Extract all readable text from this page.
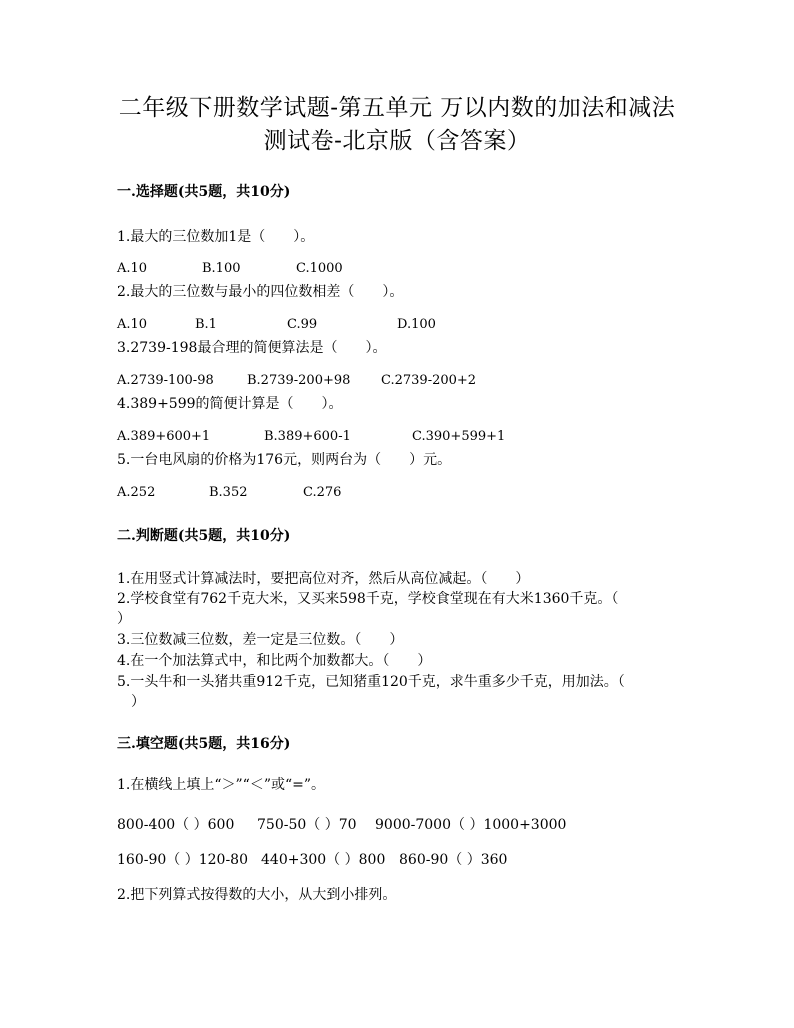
二年级下册数学试题-第五单元 万以内数的加法和减法
测试卷-北京版（含答案）
一.选择题(共5题，共10分)
1.最大的三位数加1是（　　）。
A.10	B.100	C.1000
2.最大的三位数与最小的四位数相差（　　）。
A.10	B.1	C.99	D.100
3.2739-198最合理的简便算法是（　　）。
A.2739-100-98	B.2739-200+98 C.2739-200+2
4.389+599的简便计算是（　　）。
A.389+600+1	B.389+600-1	C.390+599+1
5.一台电风扇的价格为176元，则两台为（　　）元。
A.252	B.352	C.276
二.判断题(共5题，共10分)
1.在用竖式计算减法时，要把高位对齐，然后从高位减起。（　　）
2.学校食堂有762千克大米，又买来598千克，学校食堂现在有大米1360千克。（
）
3.三位数减三位数，差一定是三位数。（　　）
4.在一个加法算式中，和比两个加数都大。（　　）
5.一头牛和一头猪共重912千克，已知猪重120千克，求牛重多少千克，用加法。（
　）
三.填空题(共5题，共16分)
1.在横线上填上“＞”“＜”或“=”。
800-400（ ）600 750-50（ ）70 9000-7000（ ）1000+3000
160-90（ ）120-80 440+300（ ）800 860-90（ ）360
2.把下列算式按得数的大小，从大到小排列。
